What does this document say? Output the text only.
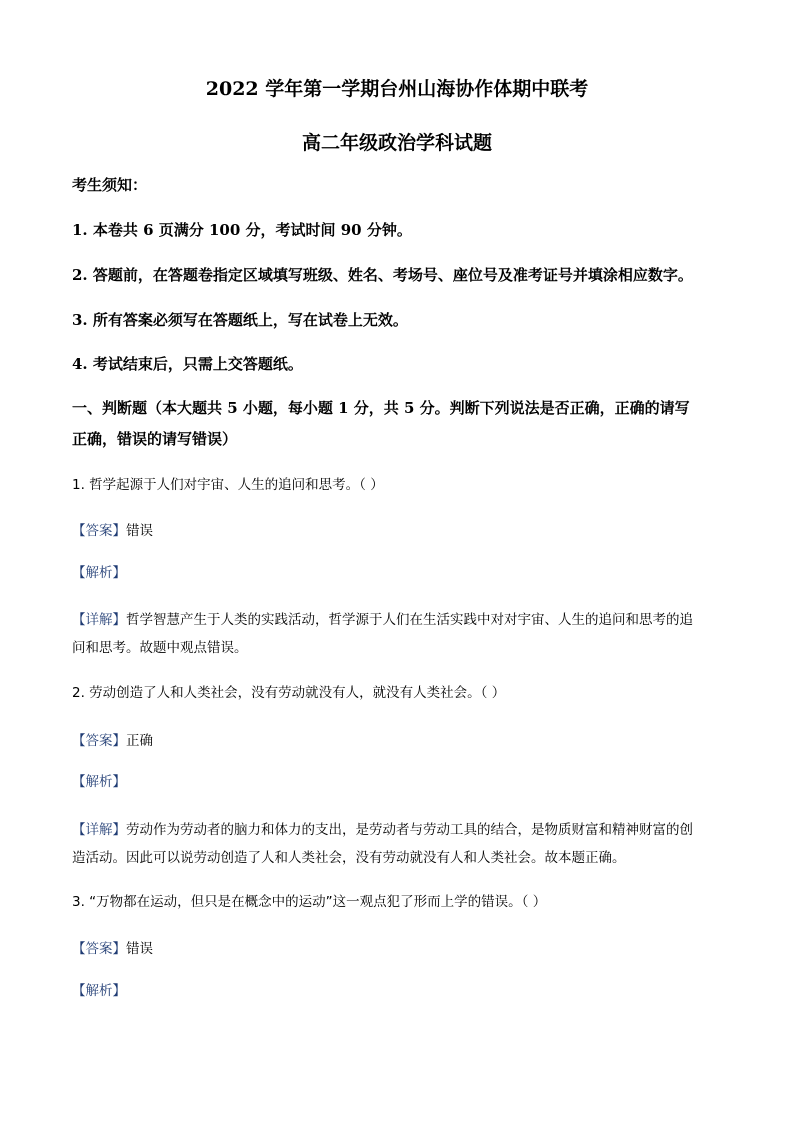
2022 学年第一学期台州山海协作体期中联考
高二年级政治学科试题
考生须知：
1. 本卷共 6 页满分 100 分，考试时间 90 分钟。
2. 答题前，在答题卷指定区域填写班级、姓名、考场号、座位号及准考证号并填涂相应数字。
3. 所有答案必须写在答题纸上，写在试卷上无效。
4. 考试结束后，只需上交答题纸。
一、判断题（本大题共 5 小题，每小题 1 分，共 5 分。判断下列说法是否正确，正确的请写
正确，错误的请写错误）
1. 哲学起源于人们对宇宙、人生的追问和思考。（ ）
【答案】错误
【解析】
【详解】哲学智慧产生于人类的实践活动，哲学源于人们在生活实践中对对宇宙、人生的追问和思考的追
问和思考。故题中观点错误。
2. 劳动创造了人和人类社会，没有劳动就没有人，就没有人类社会。（ ）
【答案】正确
【解析】
【详解】劳动作为劳动者的脑力和体力的支出，是劳动者与劳动工具的结合，是物质财富和精神财富的创
造活动。因此可以说劳动创造了人和人类社会，没有劳动就没有人和人类社会。故本题正确。
3. “万物都在运动，但只是在概念中的运动”这一观点犯了形而上学的错误。（ ）
【答案】错误
【解析】
